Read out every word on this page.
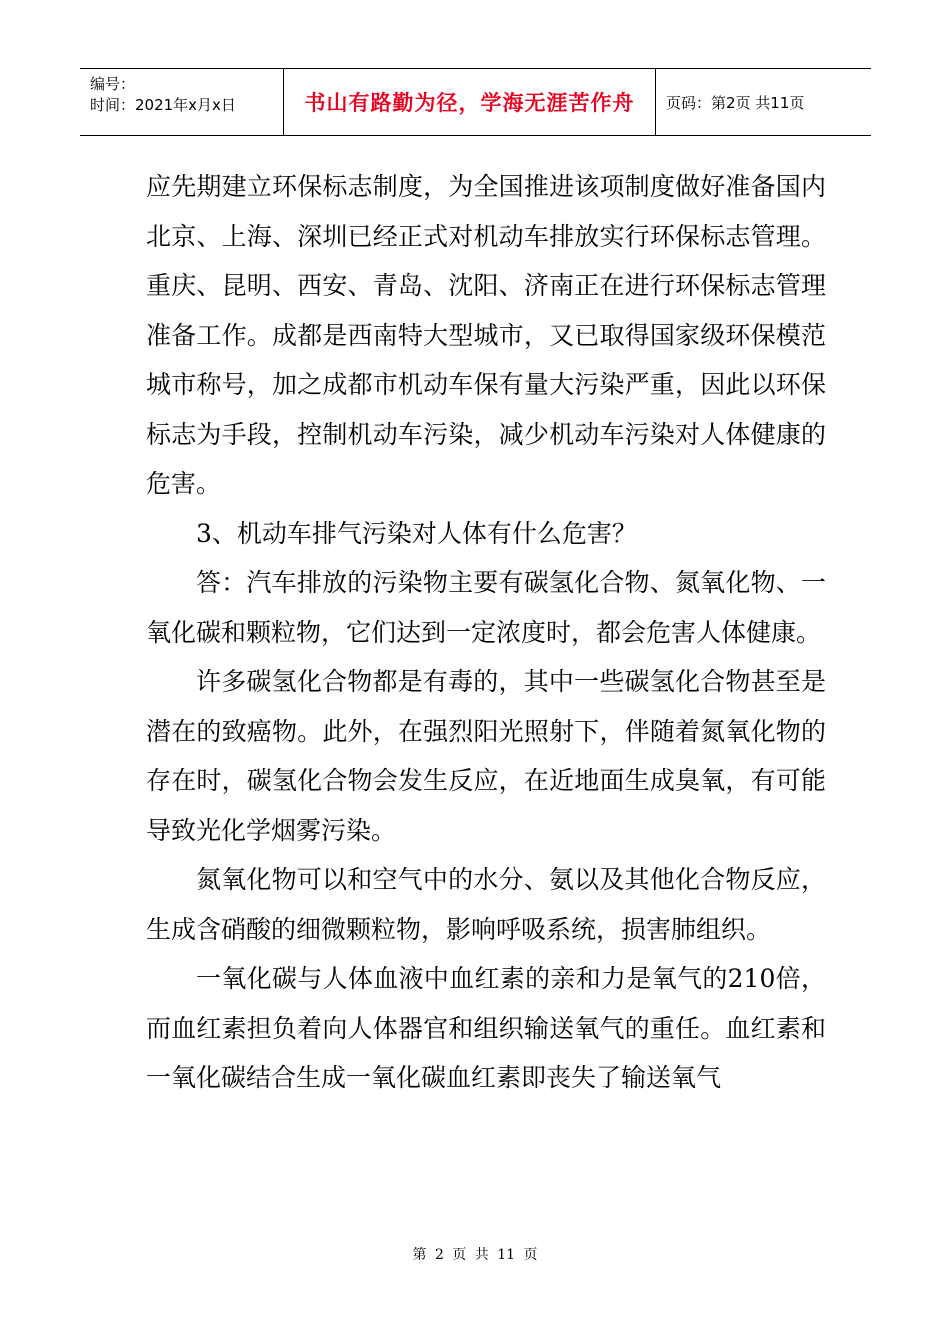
编号：
时间：2021年x月x日	书山有路勤为径，学海无涯苦作舟	页码：第2页 共11页

应先期建立环保标志制度，为全国推进该项制度做好准备国内北京、上海、深圳已经正式对机动车排放实行环保标志管理。重庆、昆明、西安、青岛、沈阳、济南正在进行环保标志管理准备工作。成都是西南特大型城市，又已取得国家级环保模范城市称号，加之成都市机动车保有量大污染严重，因此以环保标志为手段，控制机动车污染，减少机动车污染对人体健康的危害。

3、机动车排气污染对人体有什么危害？

答：汽车排放的污染物主要有碳氢化合物、氮氧化物、一氧化碳和颗粒物，它们达到一定浓度时，都会危害人体健康。

许多碳氢化合物都是有毒的，其中一些碳氢化合物甚至是潜在的致癌物。此外，在强烈阳光照射下，伴随着氮氧化物的存在时，碳氢化合物会发生反应，在近地面生成臭氧，有可能导致光化学烟雾污染。

氮氧化物可以和空气中的水分、氨以及其他化合物反应，生成含硝酸的细微颗粒物，影响呼吸系统，损害肺组织。

一氧化碳与人体血液中血红素的亲和力是氧气的210倍，而血红素担负着向人体器官和组织输送氧气的重任。血红素和一氧化碳结合生成一氧化碳血红素即丧失了输送氧气

第 2 页 共 11 页
